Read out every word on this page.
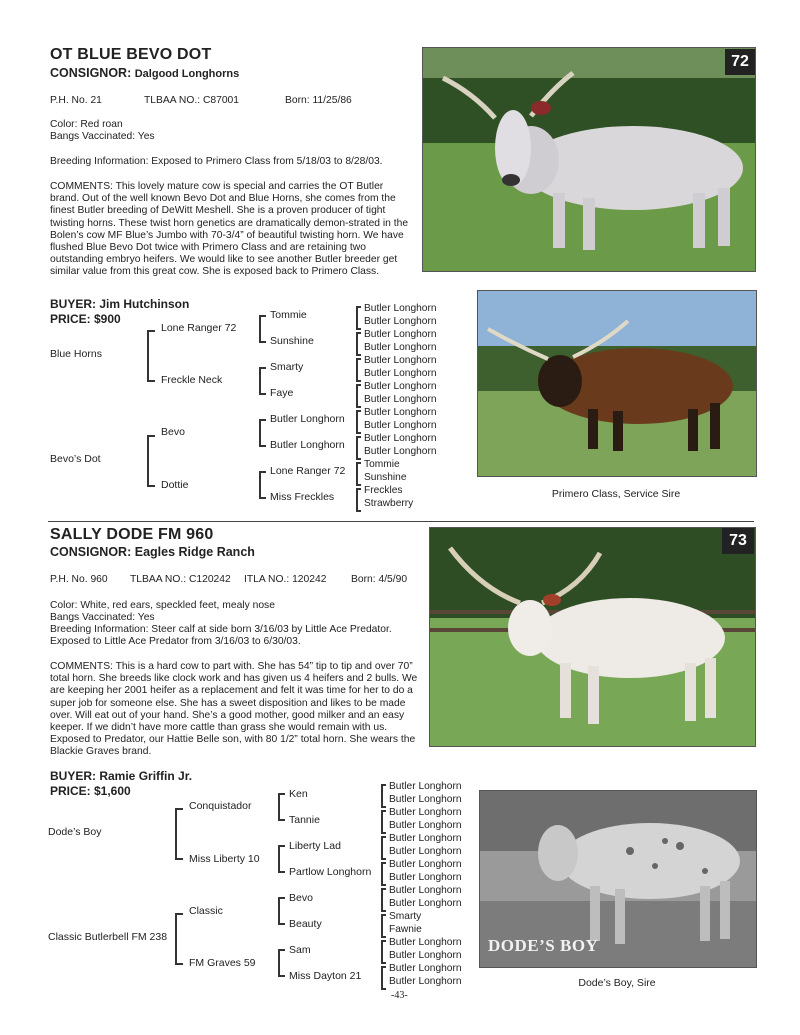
OT BLUE BEVO DOT
CONSIGNOR: Dalgood Longhorns
P.H. No. 21	TLBAA NO.: C87001	Born: 11/25/86
Color: Red roan
Bangs Vaccinated: Yes
Breeding Information: Exposed to Primero Class from 5/18/03 to 8/28/03.
COMMENTS: This lovely mature cow is special and carries the OT Butler brand. Out of the well known Bevo Dot and Blue Horns, she comes from the finest Butler breeding of DeWitt Meshell. She is a proven producer of tight twisting horns. These twist horn genetics are dramatically demon-strated in the Bolen’s cow MF Blue’s Jumbo with 70-3/4” of beautiful twisting horn. We have flushed Blue Bevo Dot twice with Primero Class and are retaining two outstanding embryo heifers. We would like to see another Butler breeder get similar value from this great cow. She is exposed back to Primero Class.
BUYER: Jim Hutchinson
PRICE: $900
72
Blue Horns
Bevo’s Dot
Lone Ranger 72
Freckle Neck
Bevo
Dottie
Tommie
Sunshine
Smarty
Faye
Butler Longhorn
Butler Longhorn
Lone Ranger 72
Miss Freckles
Butler Longhorn
Butler Longhorn
Butler Longhorn
Butler Longhorn
Butler Longhorn
Butler Longhorn
Butler Longhorn
Butler Longhorn
Butler Longhorn
Butler Longhorn
Butler Longhorn
Butler Longhorn
Tommie
Sunshine
Freckles
Strawberry
Primero Class, Service Sire
SALLY DODE FM 960
CONSIGNOR: Eagles Ridge Ranch
P.H. No. 960 TLBAA NO.: C120242 ITLA NO.: 120242 Born: 4/5/90
Color: White, red ears, speckled feet, mealy nose
Bangs Vaccinated: Yes
Breeding Information: Steer calf at side born 3/16/03 by Little Ace Predator. Exposed to Little Ace Predator from 3/16/03 to 6/30/03.
COMMENTS: This is a hard cow to part with. She has 54” tip to tip and over 70” total horn. She breeds like clock work and has given us 4 heifers and 2 bulls. We are keeping her 2001 heifer as a replacement and felt it was time for her to do a super job for someone else. She has a sweet disposition and likes to be made over. Will eat out of your hand. She’s a good mother, good milker and an easy keeper. If we didn’t have more cattle than grass she would remain with us. Exposed to Predator, our Hattie Belle son, with 80 1/2” total horn. She wears the Blackie Graves brand.
BUYER: Ramie Griffin Jr.
PRICE: $1,600
73
Dode’s Boy
Classic Butlerbell FM 238
Conquistador
Miss Liberty 10
Classic
FM Graves 59
Ken
Tannie
Liberty Lad
Partlow Longhorn
Bevo
Beauty
Sam
Miss Dayton 21
Butler Longhorn
Butler Longhorn
Butler Longhorn
Butler Longhorn
Butler Longhorn
Butler Longhorn
Butler Longhorn
Butler Longhorn
Butler Longhorn
Butler Longhorn
Smarty
Fawnie
Butler Longhorn
Butler Longhorn
Butler Longhorn
Butler Longhorn
DODE’S BOY
Dode’s Boy, Sire
-43-
